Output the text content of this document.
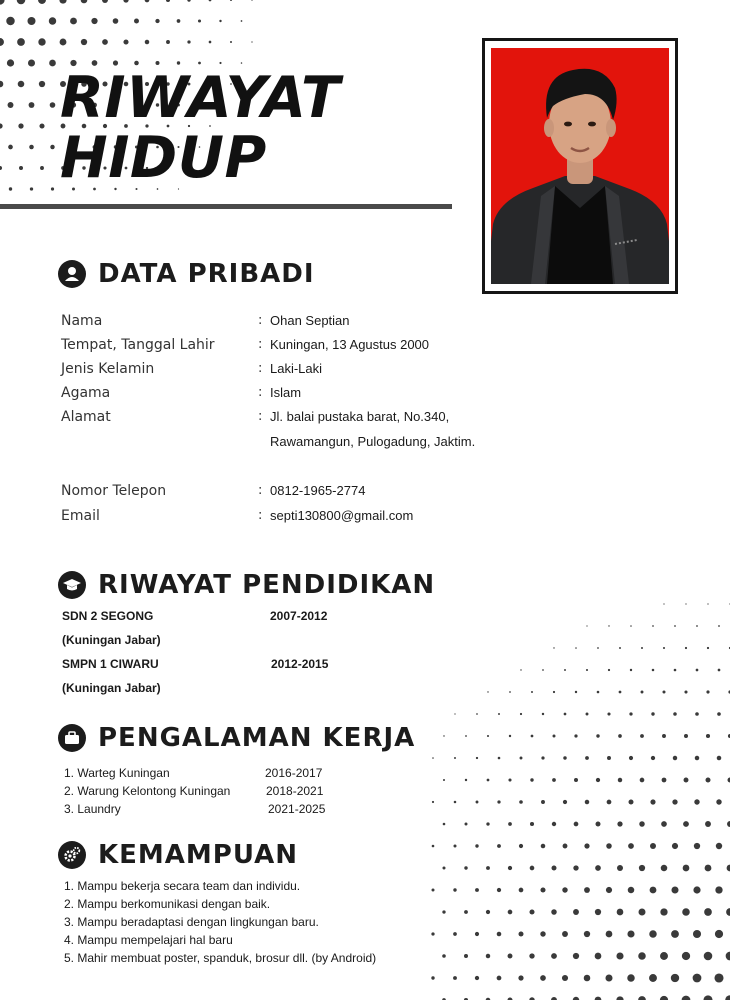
RIWAYAT
HIDUP
DATA PRIBADI
Nama	: Ohan Septian
Tempat, Tanggal Lahir	: Kuningan, 13 Agustus 2000
Jenis Kelamin	: Laki-Laki
Agama	: Islam
Alamat	: Jl. balai pustaka barat, No.340,
Rawamangun, Pulogadung, Jaktim.
Nomor Telepon	: 0812-1965-2774
Email	: septi130800@gmail.com
RIWAYAT PENDIDIKAN
SDN 2 SEGONG	2007-2012
(Kuningan Jabar)
SMPN 1 CIWARU	2012-2015
(Kuningan Jabar)
PENGALAMAN KERJA
1. Warteg Kuningan	2016-2017
2. Warung Kelontong Kuningan	2018-2021
3. Laundry	2021-2025
KEMAMPUAN
1. Mampu bekerja secara team dan individu.
2. Mampu berkomunikasi dengan baik.
3. Mampu beradaptasi dengan lingkungan baru.
4. Mampu mempelajari hal baru
5. Mahir membuat poster, spanduk, brosur dll. (by Android)
